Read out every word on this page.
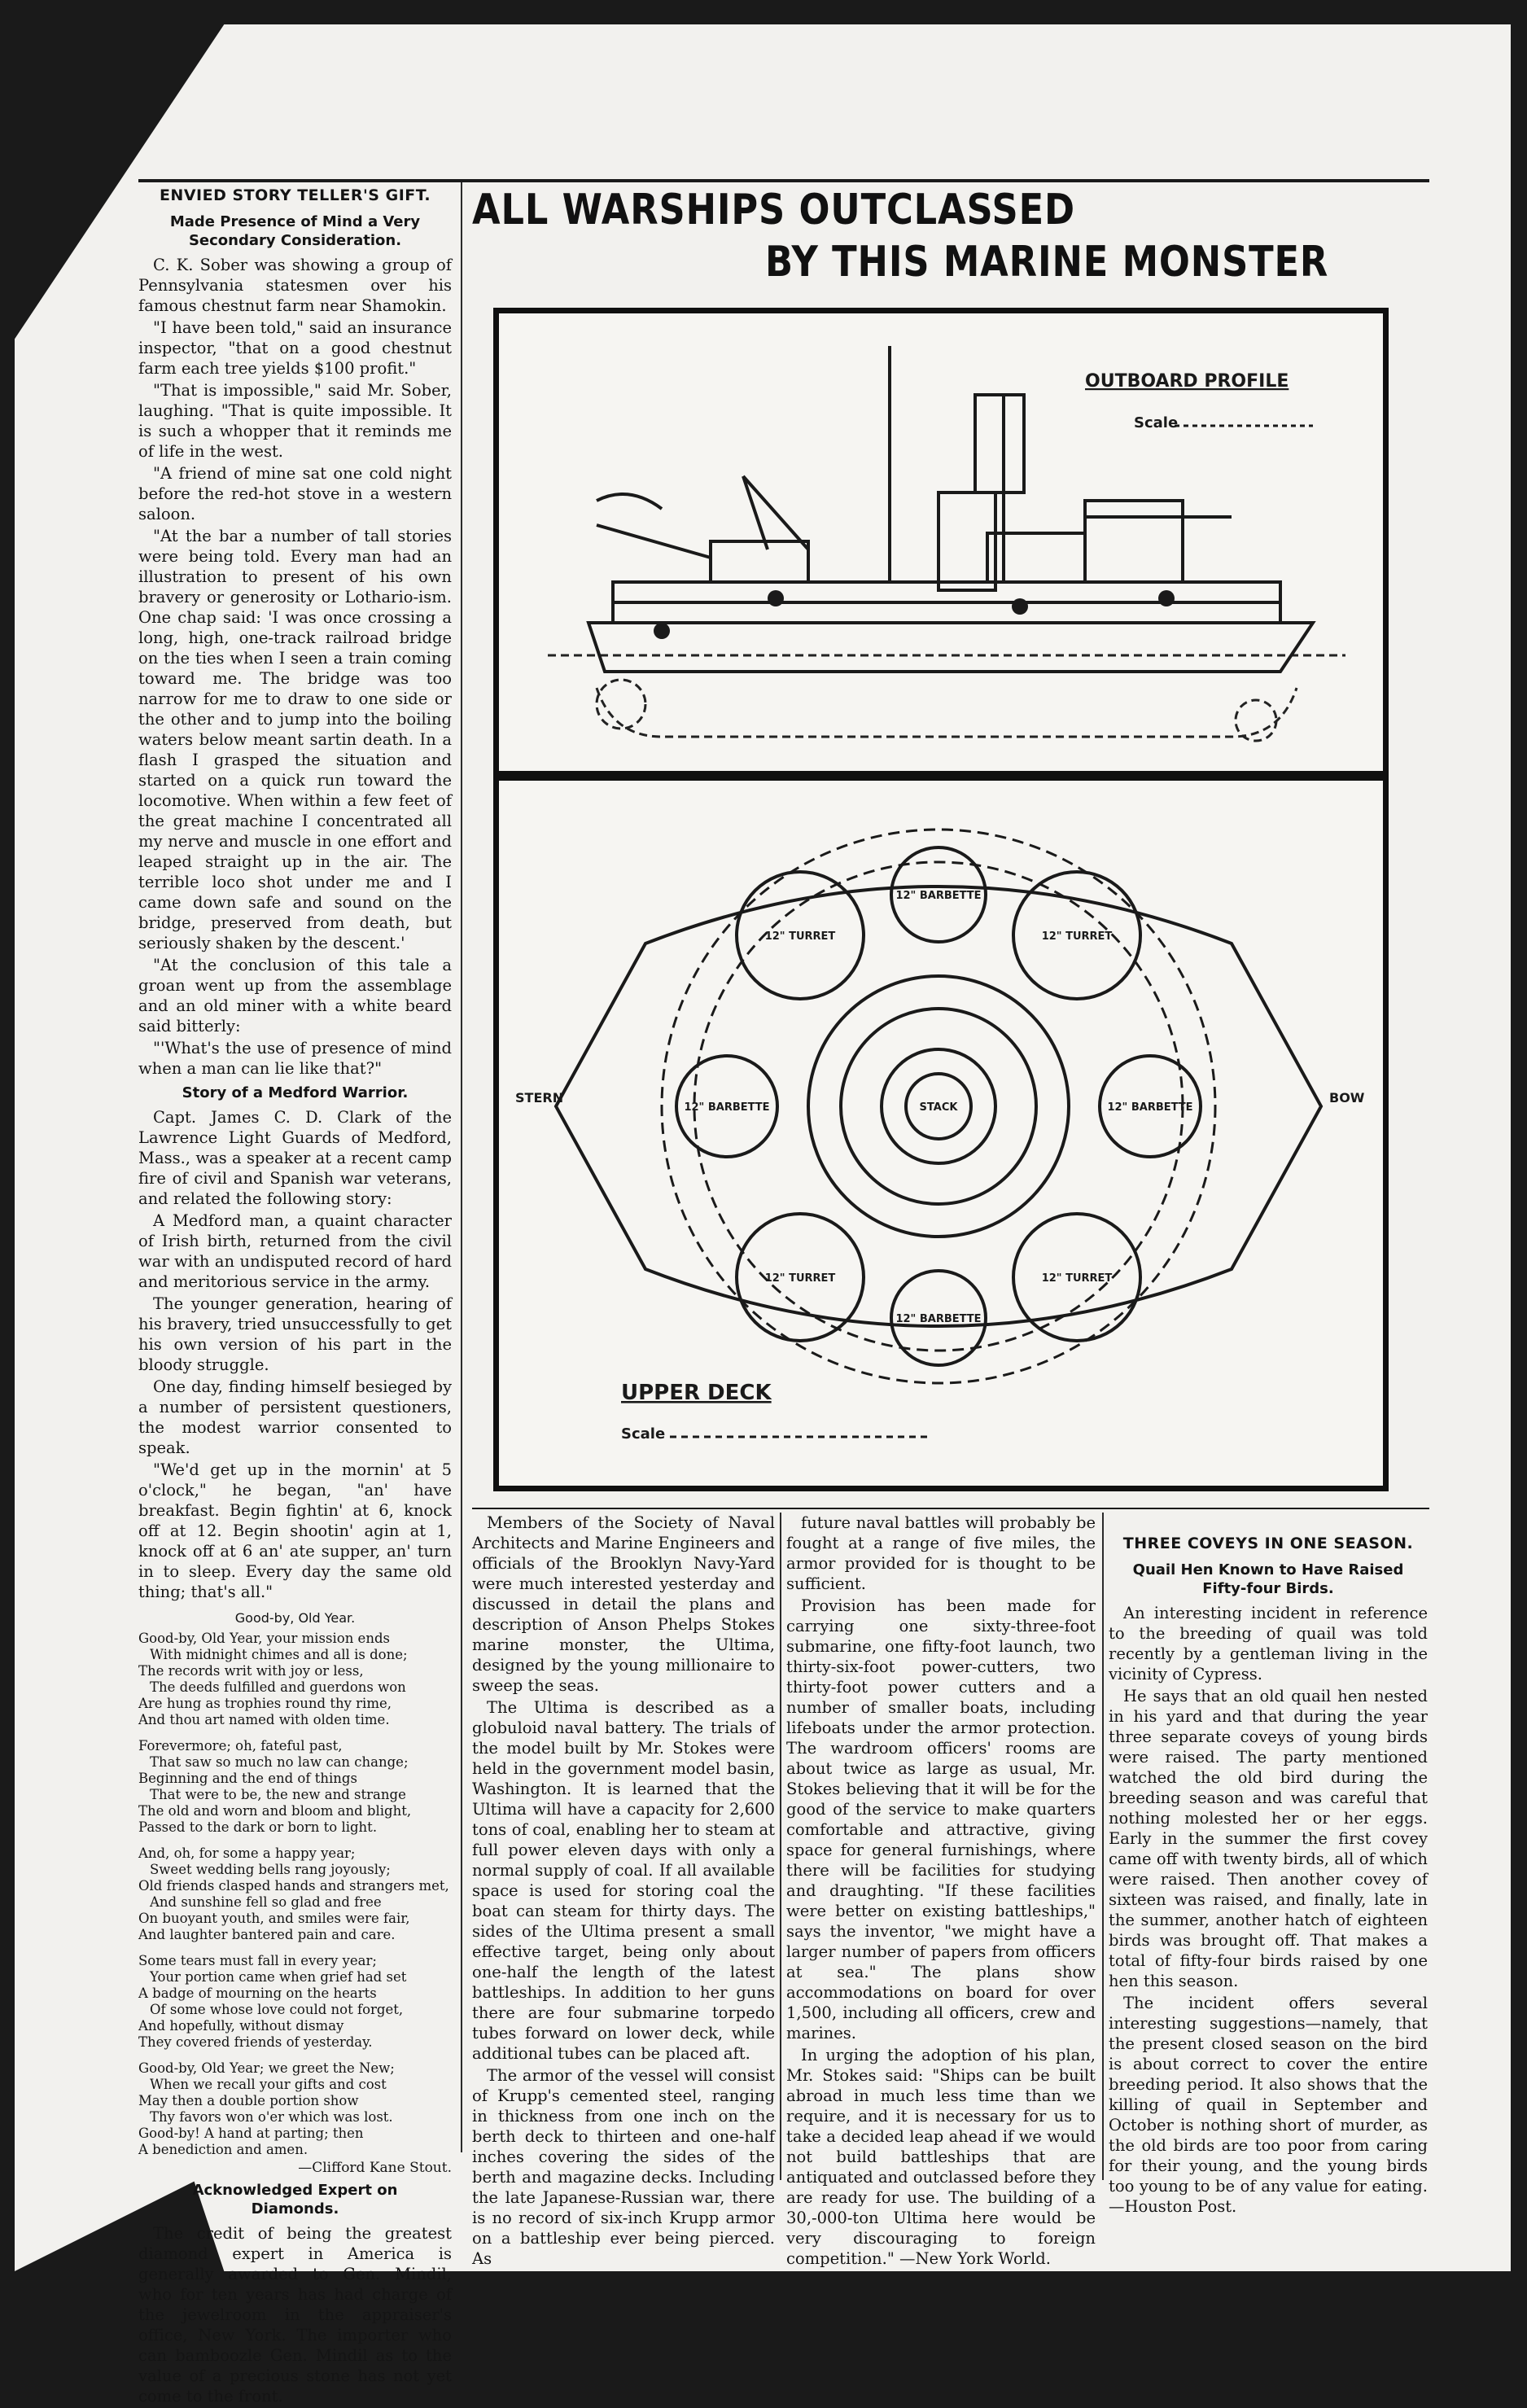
ALL WARSHIPS OUTCLASSED
BY THIS MARINE MONSTER
OUTBOARD PROFILE
Scale
12" TURRET	12" TURRET
12" TURRET	12" TURRET
12" BARBETTE
12" BARBETTE	12" BARBETTE
12" BARBETTE
STACK
STERN	BOW
UPPER DECK
Scale
ENVIED STORY TELLER'S GIFT.
Made Presence of Mind a Very Secondary Consideration.

C. K. Sober was showing a group of Pennsylvania statesmen over his famous chestnut farm near Shamokin.

"I have been told," said an insurance inspector, "that on a good chestnut farm each tree yields $100 profit."

"That is impossible," said Mr. Sober, laughing. "That is quite impossible. It is such a whopper that it reminds me of life in the west.

"A friend of mine sat one cold night before the red-hot stove in a western saloon.

"At the bar a number of tall stories were being told. Every man had an illustration to present of his own bravery or generosity or Lothario-ism. One chap said: 'I was once crossing a long, high, one-track railroad bridge on the ties when I seen a train coming toward me. The bridge was too narrow for me to draw to one side or the other and to jump into the boiling waters below meant sartin death. In a flash I grasped the situation and started on a quick run toward the locomotive. When within a few feet of the great machine I concentrated all my nerve and muscle in one effort and leaped straight up in the air. The terrible loco shot under me and I came down safe and sound on the bridge, preserved from death, but seriously shaken by the descent.'

"At the conclusion of this tale a groan went up from the assemblage and an old miner with a white beard said bitterly:

"'What's the use of presence of mind when a man can lie like that?"

Story of a Medford Warrior.

Capt. James C. D. Clark of the Lawrence Light Guards of Medford, Mass., was a speaker at a recent camp fire of civil and Spanish war veterans, and related the following story:

A Medford man, a quaint character of Irish birth, returned from the civil war with an undisputed record of hard and meritorious service in the army.

The younger generation, hearing of his bravery, tried unsuccessfully to get his own version of his part in the bloody struggle.

One day, finding himself besieged by a number of persistent questioners, the modest warrior consented to speak.

"We'd get up in the mornin' at 5 o'clock," he began, "an' have breakfast. Begin fightin' at 6, knock off at 12. Begin shootin' agin at 1, knock off at 6 an' ate supper, an' turn in to sleep. Every day the same old thing; that's all."

Good-by, Old Year.
Good-by, Old Year, your mission ends
With midnight chimes and all is done;
The records writ with joy or less,
The deeds fulfilled and guerdons won
Are hung as trophies round thy rime,
And thou art named with olden time.
Forevermore; oh, fateful past,
That saw so much no law can change;
Beginning and the end of things
That were to be, the new and strange
The old and worn and bloom and blight,
Passed to the dark or born to light.
And, oh, for some a happy year;
Sweet wedding bells rang joyously;
Old friends clasped hands and strangers met,
And sunshine fell so glad and free
On buoyant youth, and smiles were fair,
And laughter bantered pain and care.
Some tears must fall in every year;
Your portion came when grief had set
A badge of mourning on the hearts
Of some whose love could not forget,
And hopefully, without dismay
They covered friends of yesterday.
Good-by, Old Year; we greet the New;
When we recall your gifts and cost
May then a double portion show
Thy favors won o'er which was lost.
Good-by! A hand at parting; then
A benediction and amen.
—Clifford Kane Stout.
Acknowledged Expert on Diamonds.

The credit of being the greatest diamond expert in America is generally awarded to Gen. Mindil, who for ten years has had charge of the jewelroom in the appraiser's office, New York. The importer who can bamboozle Gen. Mindil as to the value of a precious stone has not yet come to the front.

Members of the Society of Naval Architects and Marine Engineers and officials of the Brooklyn Navy-Yard were much interested yesterday and discussed in detail the plans and description of Anson Phelps Stokes marine monster, the Ultima, designed by the young millionaire to sweep the seas.

The Ultima is described as a globuloid naval battery. The trials of the model built by Mr. Stokes were held in the government model basin, Washington. It is learned that the Ultima will have a capacity for 2,600 tons of coal, enabling her to steam at full power eleven days with only a normal supply of coal. If all available space is used for storing coal the boat can steam for thirty days. The sides of the Ultima present a small effective target, being only about one-half the length of the latest battleships. In addition to her guns there are four submarine torpedo tubes forward on lower deck, while additional tubes can be placed aft.

The armor of the vessel will consist of Krupp's cemented steel, ranging in thickness from one inch on the berth deck to thirteen and one-half inches covering the sides of the berth and magazine decks. Including the late Japanese-Russian war, there is no record of six-inch Krupp armor on a battleship ever being pierced. As

future naval battles will probably be fought at a range of five miles, the armor provided for is thought to be sufficient.

Provision has been made for carrying one sixty-three-foot submarine, one fifty-foot launch, two thirty-six-foot power-cutters, two thirty-foot power cutters and a number of smaller boats, including lifeboats under the armor protection. The wardroom officers' rooms are about twice as large as usual, Mr. Stokes believing that it will be for the good of the service to make quarters comfortable and attractive, giving space for general furnishings, where there will be facilities for studying and draughting. "If these facilities were better on existing battleships," says the inventor, "we might have a larger number of papers from officers at sea." The plans show accommodations on board for over 1,500, including all officers, crew and marines.

In urging the adoption of his plan, Mr. Stokes said: "Ships can be built abroad in much less time than we require, and it is necessary for us to take a decided leap ahead if we would not build battleships that are antiquated and outclassed before they are ready for use. The building of a 30,-000-ton Ultima here would be very discouraging to foreign competition." —New York World.

THREE COVEYS IN ONE SEASON.
Quail Hen Known to Have Raised Fifty-four Birds.

An interesting incident in reference to the breeding of quail was told recently by a gentleman living in the vicinity of Cypress.

He says that an old quail hen nested in his yard and that during the year three separate coveys of young birds were raised. The party mentioned watched the old bird during the breeding season and was careful that nothing molested her or her eggs. Early in the summer the first covey came off with twenty birds, all of which were raised. Then another covey of sixteen was raised, and finally, late in the summer, another hatch of eighteen birds was brought off. That makes a total of fifty-four birds raised by one hen this season.

The incident offers several interesting suggestions—namely, that the present closed season on the bird is about correct to cover the entire breeding period. It also shows that the killing of quail in September and October is nothing short of murder, as the old birds are too poor from caring for their young, and the young birds too young to be of any value for eating.—Houston Post.
